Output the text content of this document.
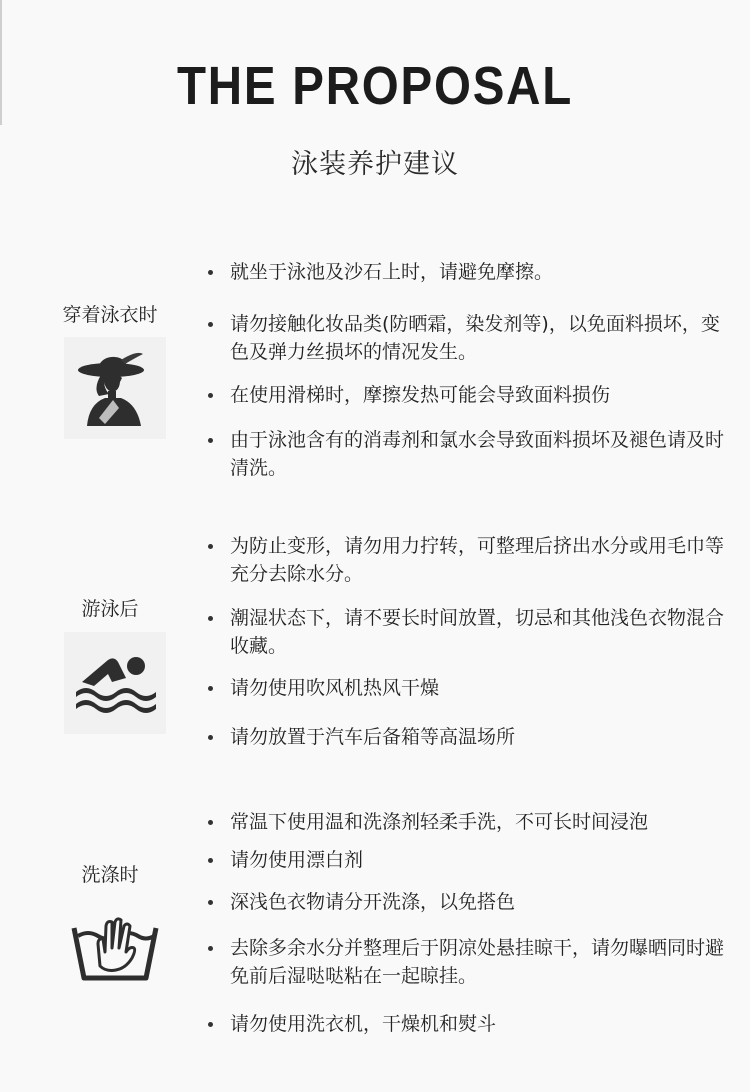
THE PROPOSAL
泳装养护建议
穿着泳衣时
就坐于泳池及沙石上时，请避免摩擦。
请勿接触化妆品类(防晒霜，染发剂等)，以免面料损坏，变色及弹力丝损坏的情况发生。
在使用滑梯时，摩擦发热可能会导致面料损伤
由于泳池含有的消毒剂和氯水会导致面料损坏及褪色请及时清洗。
游泳后
为防止变形，请勿用力拧转，可整理后挤出水分或用毛巾等充分去除水分。
潮湿状态下，请不要长时间放置，切忌和其他浅色衣物混合收藏。
请勿使用吹风机热风干燥
请勿放置于汽车后备箱等高温场所
洗涤时
常温下使用温和洗涤剂轻柔手洗，不可长时间浸泡
请勿使用漂白剂
深浅色衣物请分开洗涤，以免搭色
去除多余水分并整理后于阴凉处悬挂晾干，请勿曝晒同时避免前后湿哒哒粘在一起晾挂。
请勿使用洗衣机，干燥机和熨斗
